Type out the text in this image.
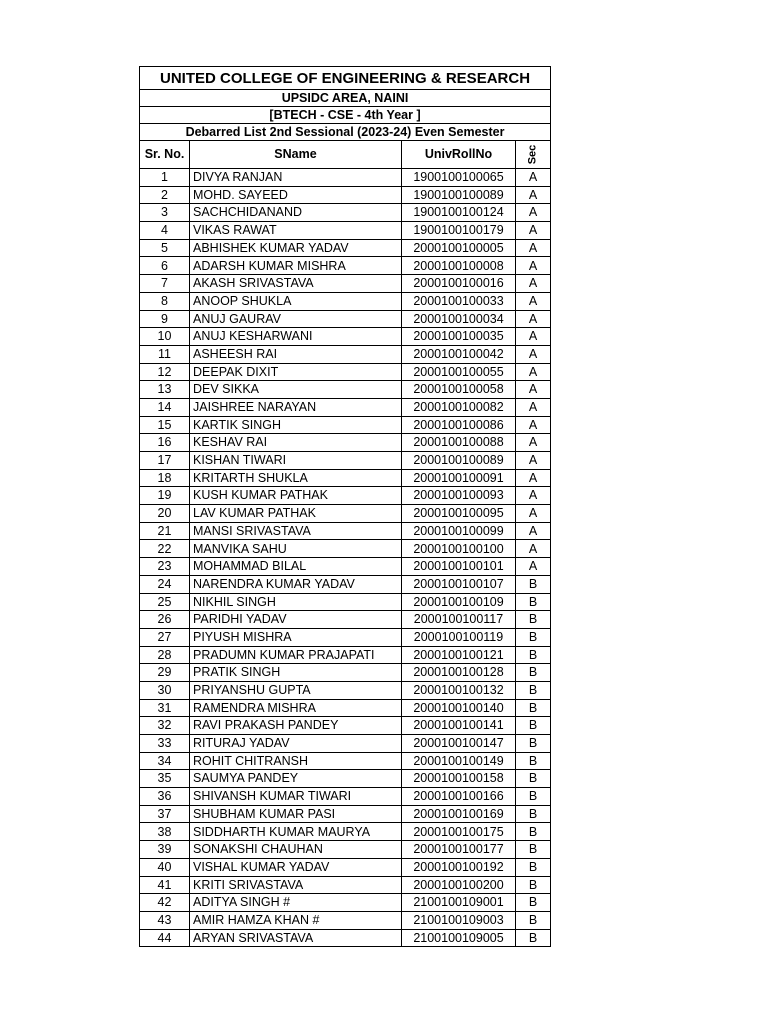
UNITED COLLEGE OF ENGINEERING & RESEARCH			
UPSIDC AREA, NAINI			
[BTECH - CSE - 4th Year ]			
Debarred List 2nd Sessional (2023-24) Even Semester			
Sr. No.	SName	UnivRollNo	Sec
1	DIVYA RANJAN	1900100100065	A
2	MOHD. SAYEED	1900100100089	A
3	SACHCHIDANAND	1900100100124	A
4	VIKAS RAWAT	1900100100179	A
5	ABHISHEK KUMAR YADAV	2000100100005	A
6	ADARSH KUMAR MISHRA	2000100100008	A
7	AKASH SRIVASTAVA	2000100100016	A
8	ANOOP SHUKLA	2000100100033	A
9	ANUJ GAURAV	2000100100034	A
10	ANUJ KESHARWANI	2000100100035	A
11	ASHEESH RAI	2000100100042	A
12	DEEPAK DIXIT	2000100100055	A
13	DEV SIKKA	2000100100058	A
14	JAISHREE NARAYAN	2000100100082	A
15	KARTIK SINGH	2000100100086	A
16	KESHAV RAI	2000100100088	A
17	KISHAN TIWARI	2000100100089	A
18	KRITARTH SHUKLA	2000100100091	A
19	KUSH KUMAR PATHAK	2000100100093	A
20	LAV KUMAR PATHAK	2000100100095	A
21	MANSI SRIVASTAVA	2000100100099	A
22	MANVIKA SAHU	2000100100100	A
23	MOHAMMAD BILAL	2000100100101	A
24	NARENDRA KUMAR YADAV	2000100100107	B
25	NIKHIL SINGH	2000100100109	B
26	PARIDHI YADAV	2000100100117	B
27	PIYUSH MISHRA	2000100100119	B
28	PRADUMN KUMAR PRAJAPATI	2000100100121	B
29	PRATIK SINGH	2000100100128	B
30	PRIYANSHU GUPTA	2000100100132	B
31	RAMENDRA MISHRA	2000100100140	B
32	RAVI PRAKASH PANDEY	2000100100141	B
33	RITURAJ YADAV	2000100100147	B
34	ROHIT CHITRANSH	2000100100149	B
35	SAUMYA PANDEY	2000100100158	B
36	SHIVANSH KUMAR TIWARI	2000100100166	B
37	SHUBHAM KUMAR PASI	2000100100169	B
38	SIDDHARTH KUMAR MAURYA	2000100100175	B
39	SONAKSHI CHAUHAN	2000100100177	B
40	VISHAL KUMAR YADAV	2000100100192	B
41	KRITI SRIVASTAVA	2000100100200	B
42	ADITYA SINGH #	2100100109001	B
43	AMIR HAMZA KHAN #	2100100109003	B
44	ARYAN SRIVASTAVA	2100100109005	B
